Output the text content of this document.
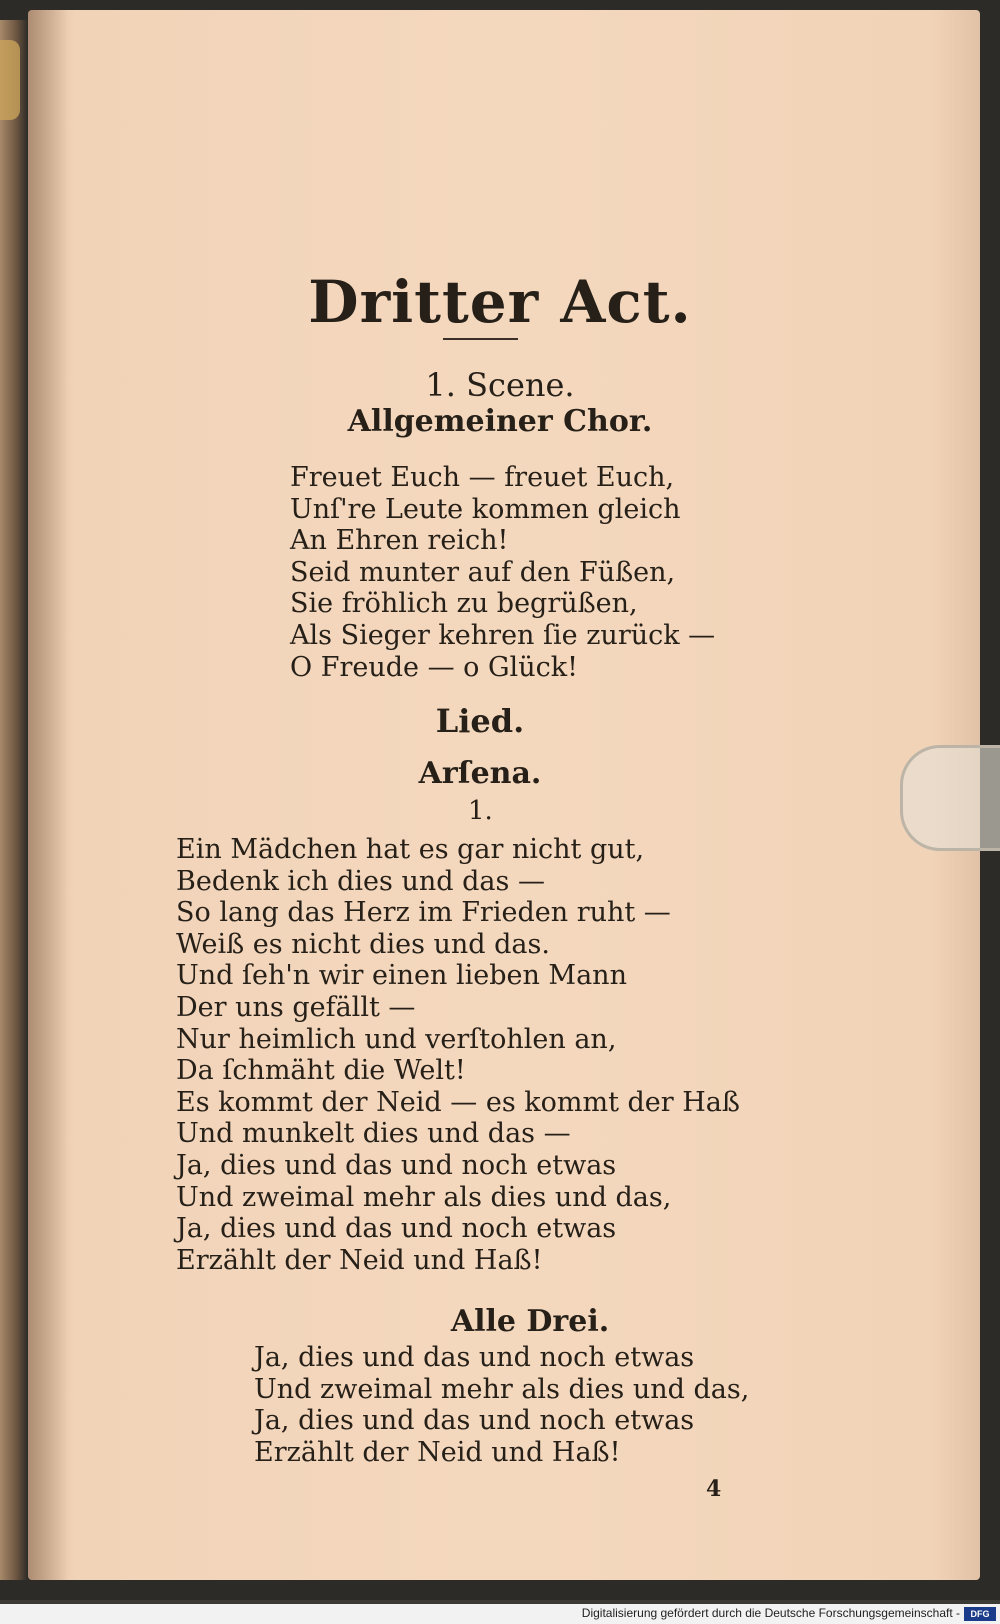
Dritter Act.
1. Scene.
Allgemeiner Chor.
Freuet Euch — freuet Euch,
Unſ're Leute kommen gleich
An Ehren reich!
Seid munter auf den Füßen,
Sie fröhlich zu begrüßen,
Als Sieger kehren ſie zurück —
O Freude — o Glück!
Lied.
Arſena.
1.
Ein Mädchen hat es gar nicht gut,
Bedenk ich dies und das —
So lang das Herz im Frieden ruht —
Weiß es nicht dies und das.
Und ſeh'n wir einen lieben Mann
Der uns gefällt —
Nur heimlich und verſtohlen an,
Da ſchmäht die Welt!
Es kommt der Neid — es kommt der Haß
Und munkelt dies und das —
Ja, dies und das und noch etwas
Und zweimal mehr als dies und das,
Ja, dies und das und noch etwas
Erzählt der Neid und Haß!
Alle Drei.
Ja, dies und das und noch etwas
Und zweimal mehr als dies und das,
Ja, dies und das und noch etwas
Erzählt der Neid und Haß!
4
Digitalisierung gefördert durch die Deutsche Forschungsgemeinschaft -	DFG
